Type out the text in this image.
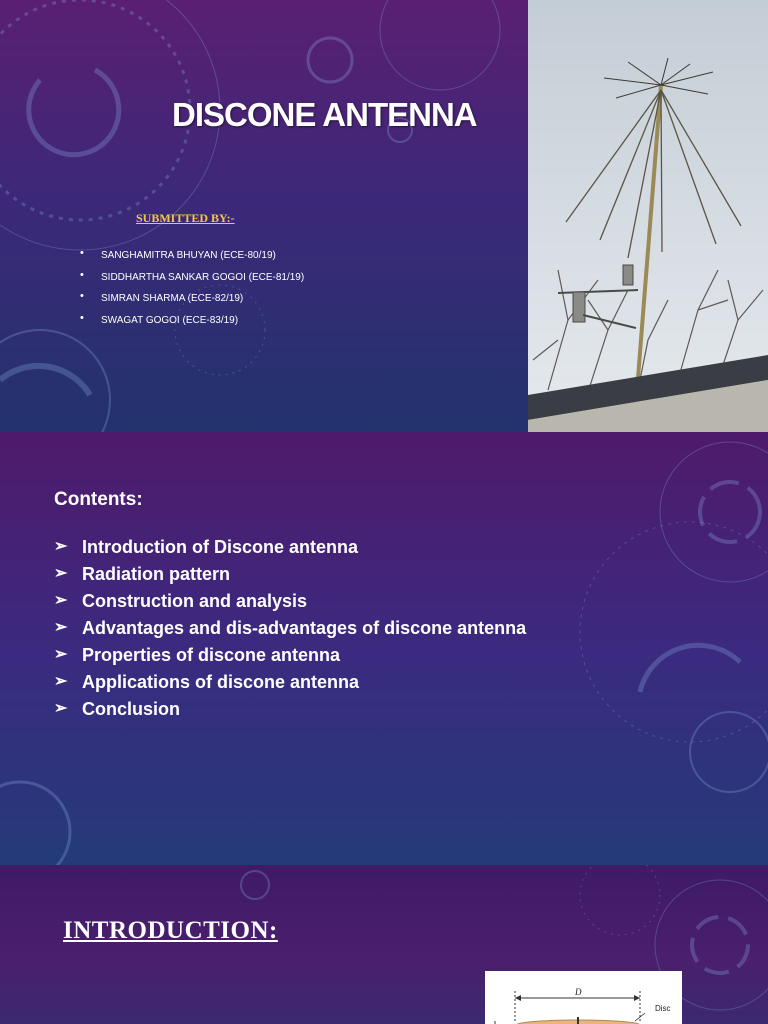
DISCONE ANTENNA
SUBMITTED BY:-
• SANGHAMITRA BHUYAN (ECE-80/19)
• SIDDHARTHA SANKAR GOGOI (ECE-81/19)
• SIMRAN SHARMA (ECE-82/19)
• SWAGAT GOGOI (ECE-83/19)
Contents:
➢ Introduction of Discone antenna
➢ Radiation pattern
➢ Construction and analysis
➢ Advantages and dis-advantages of discone antenna
➢ Properties of discone antenna
➢ Applications of discone antenna
➢ Conclusion
INTRODUCTION:
D
Disc
